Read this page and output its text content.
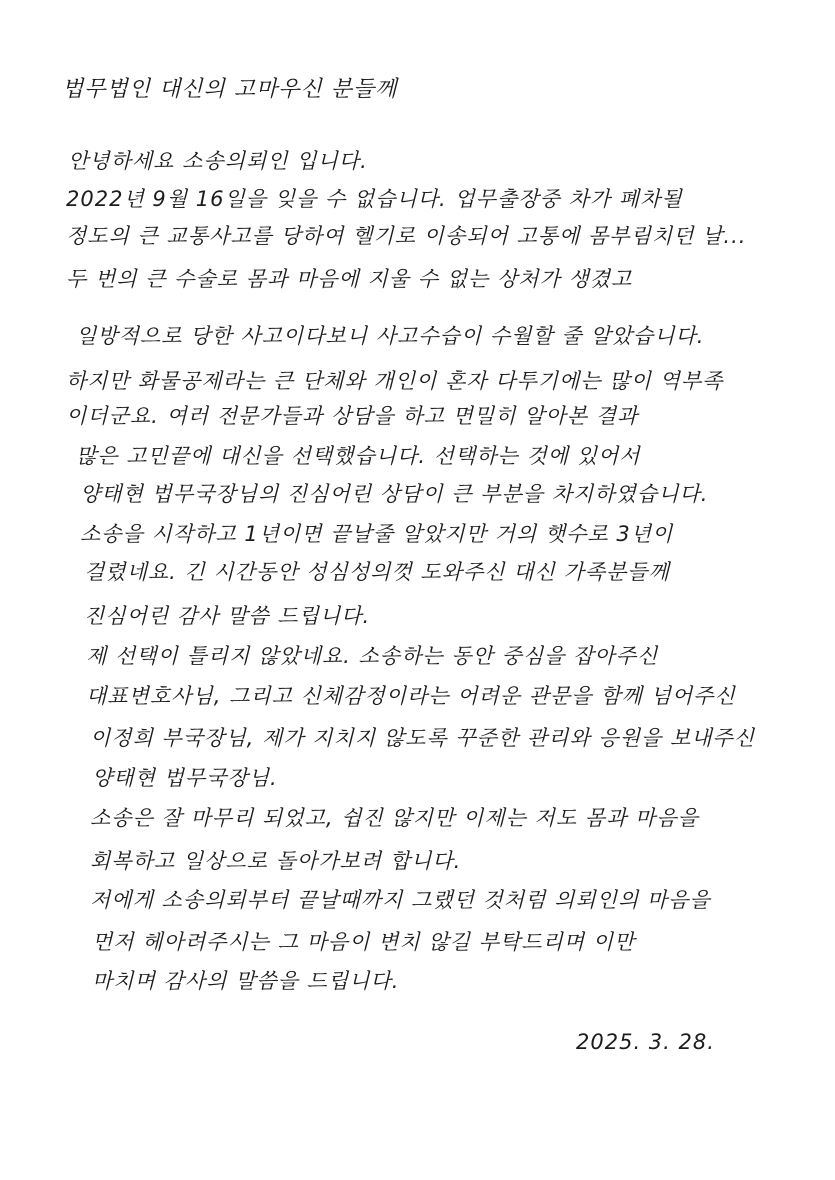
법무법인 대신의 고마우신 분들께
안녕하세요 소송의뢰인 입니다.
2022년 9월 16일을 잊을 수 없습니다. 업무출장중 차가 폐차될
정도의 큰 교통사고를 당하여 헬기로 이송되어 고통에 몸부림치던 날...
두 번의 큰 수술로 몸과 마음에 지울 수 없는 상처가 생겼고
일방적으로 당한 사고이다보니 사고수습이 수월할 줄 알았습니다.
하지만 화물공제라는 큰 단체와 개인이 혼자 다투기에는 많이 역부족
이더군요. 여러 전문가들과 상담을 하고 면밀히 알아본 결과
많은 고민끝에 대신을 선택했습니다. 선택하는 것에 있어서
양태현 법무국장님의 진심어린 상담이 큰 부분을 차지하였습니다.
소송을 시작하고 1년이면 끝날줄 알았지만 거의 햇수로 3년이
걸렸네요. 긴 시간동안 성심성의껏 도와주신 대신 가족분들께
진심어린 감사 말씀 드립니다.
제 선택이 틀리지 않았네요. 소송하는 동안 중심을 잡아주신
대표변호사님, 그리고 신체감정이라는 어려운 관문을 함께 넘어주신
이정희 부국장님, 제가 지치지 않도록 꾸준한 관리와 응원을 보내주신
양태현 법무국장님.
소송은 잘 마무리 되었고, 쉽진 않지만 이제는 저도 몸과 마음을
회복하고 일상으로 돌아가보려 합니다.
저에게 소송의뢰부터 끝날때까지 그랬던 것처럼 의뢰인의 마음을
먼저 헤아려주시는 그 마음이 변치 않길 부탁드리며 이만
마치며 감사의 말씀을 드립니다.
2025. 3. 28.
